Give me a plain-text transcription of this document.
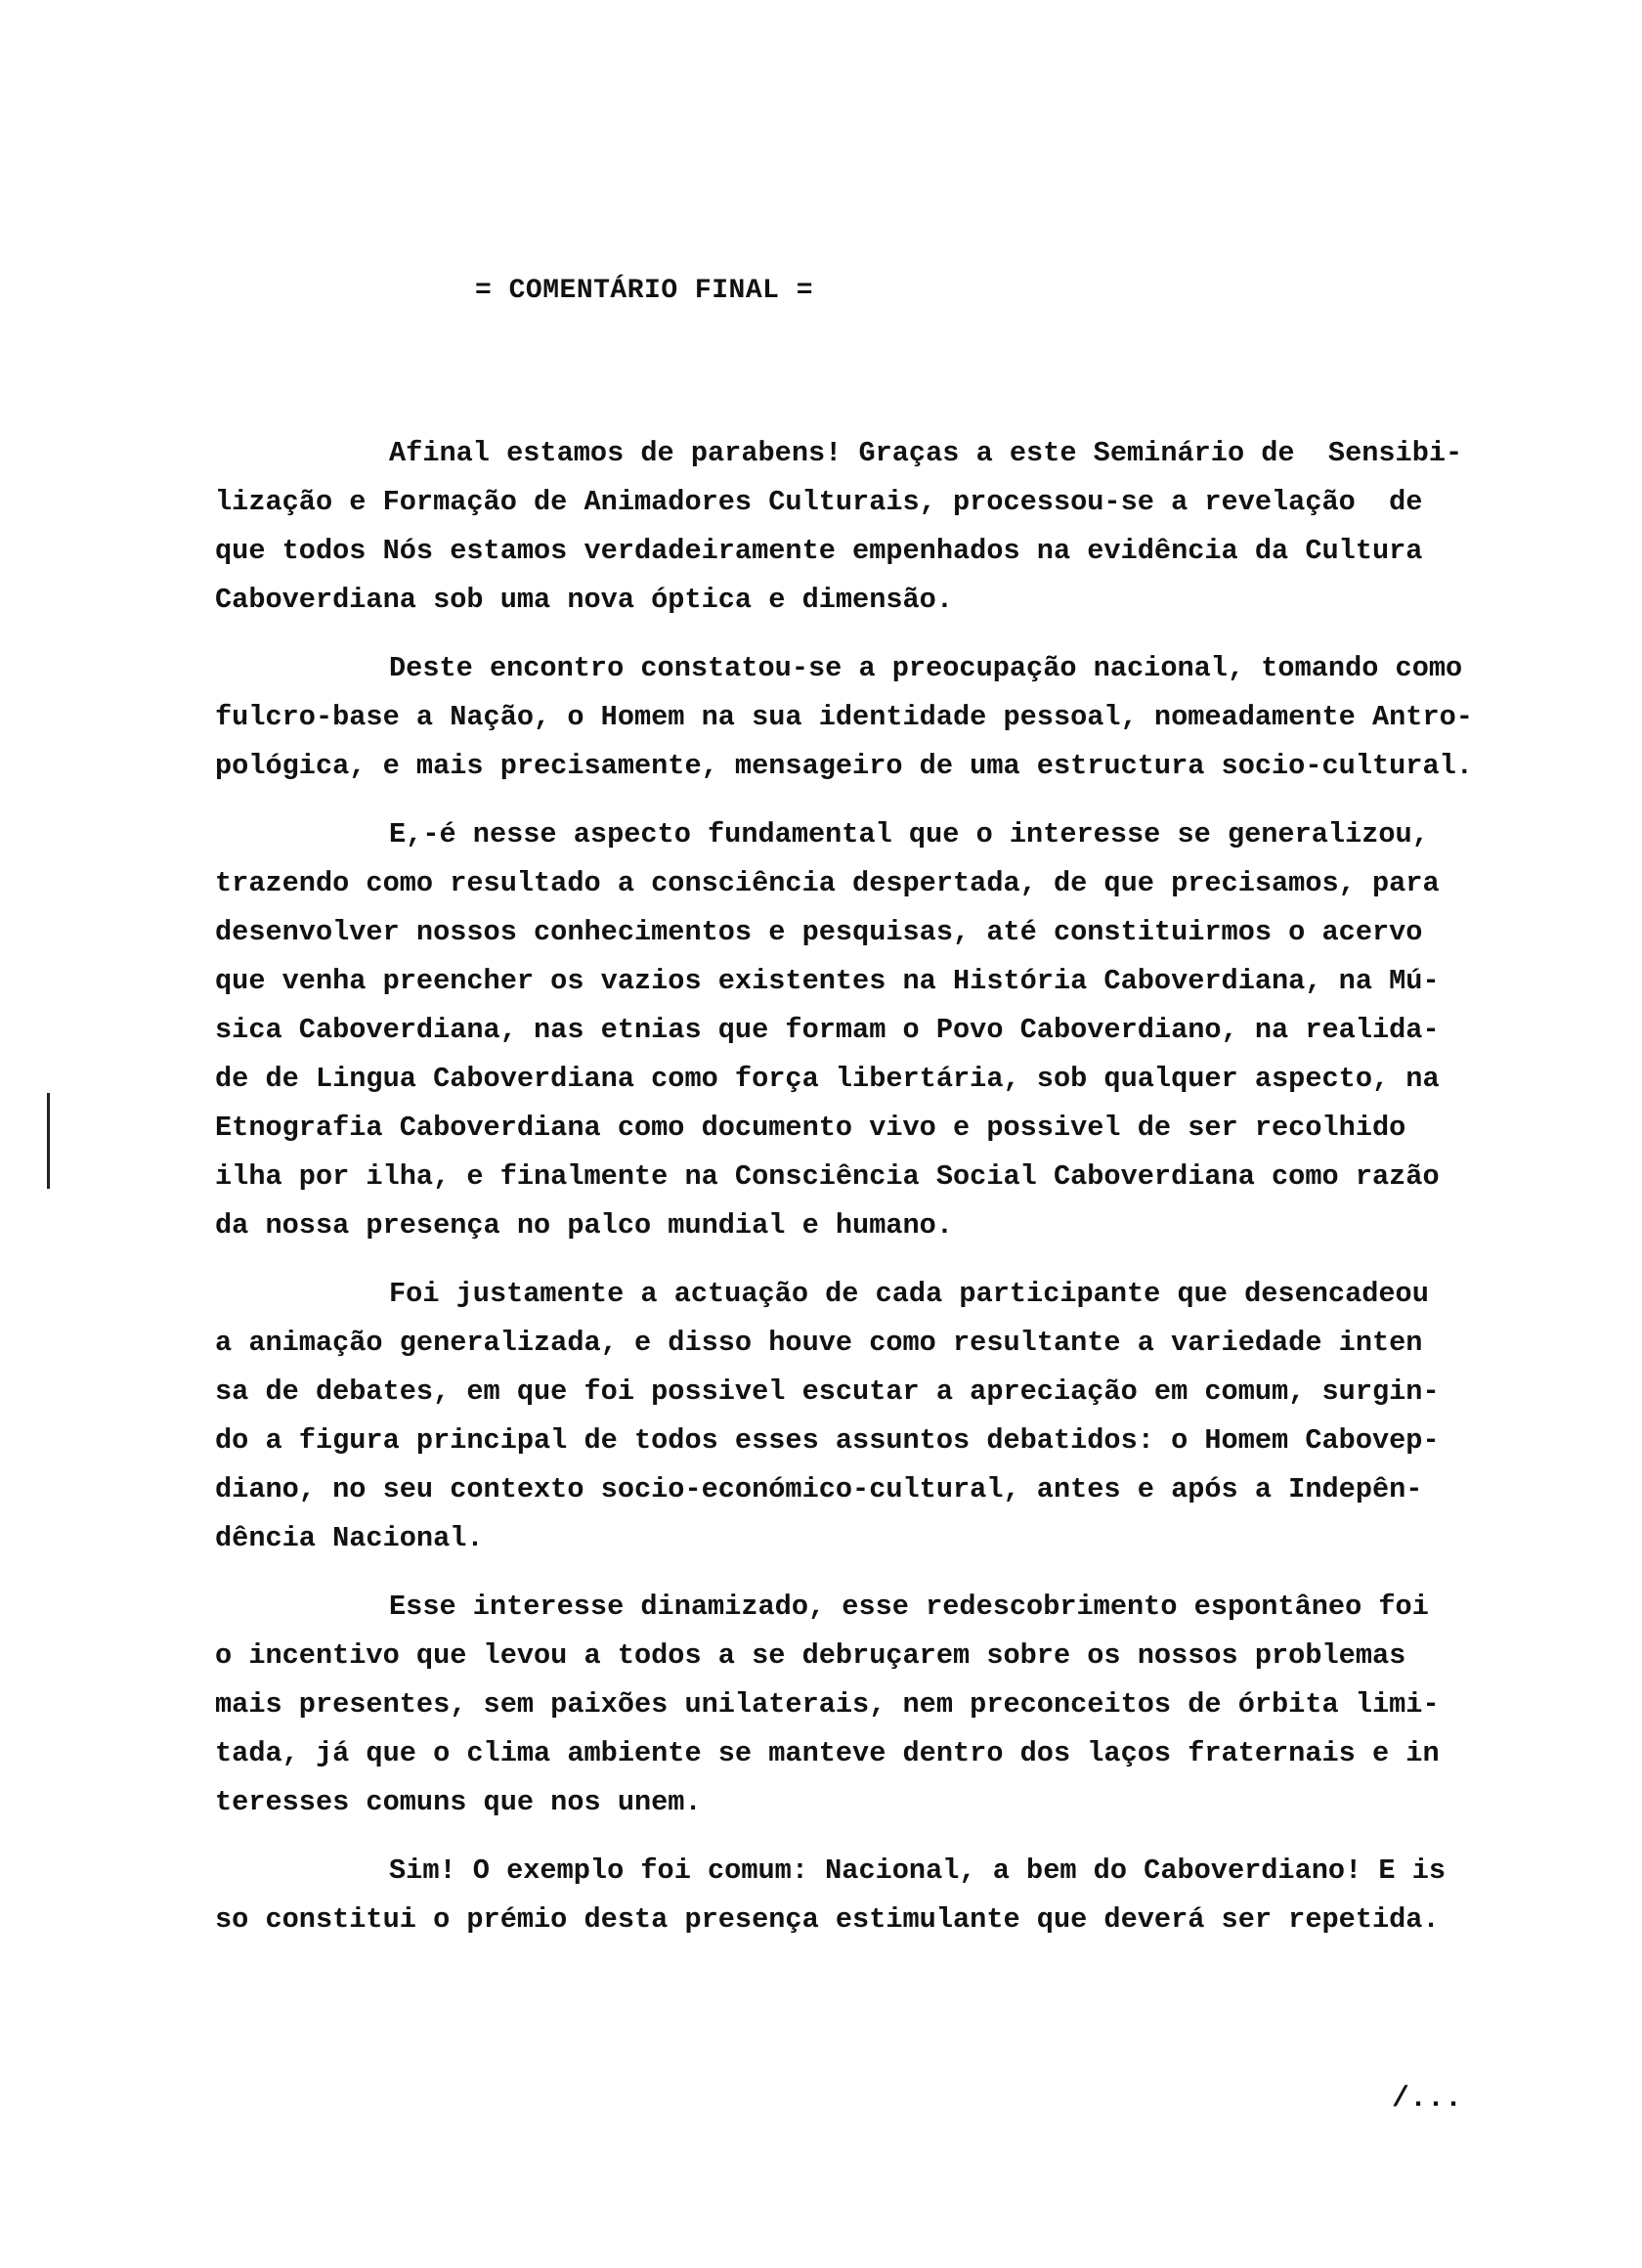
= COMENTÁRIO FINAL =
Afinal estamos de parabens! Graças a este Seminário de  Sensibi-
lização e Formação de Animadores Culturais, processou-se a revelação  de
que todos Nós estamos verdadeiramente empenhados na evidência da Cultura
Caboverdiana sob uma nova óptica e dimensão.
Deste encontro constatou-se a preocupação nacional, tomando como
fulcro-base a Nação, o Homem na sua identidade pessoal, nomeadamente Antro-
pológica, e mais precisamente, mensageiro de uma estructura socio-cultural.
E,-é nesse aspecto fundamental que o interesse se generalizou,
trazendo como resultado a consciência despertada, de que precisamos, para
desenvolver nossos conhecimentos e pesquisas, até constituirmos o acervo
que venha preencher os vazios existentes na História Caboverdiana, na Mú-
sica Caboverdiana, nas etnias que formam o Povo Caboverdiano, na realida-
de de Lingua Caboverdiana como força libertária, sob qualquer aspecto, na
Etnografia Caboverdiana como documento vivo e possivel de ser recolhido
ilha por ilha, e finalmente na Consciência Social Caboverdiana como razão
da nossa presença no palco mundial e humano.
Foi justamente a actuação de cada participante que desencadeou
a animação generalizada, e disso houve como resultante a variedade inten
sa de debates, em que foi possivel escutar a apreciação em comum, surgin-
do a figura principal de todos esses assuntos debatidos: o Homem Caboveр-
diano, no seu contexto socio-económico-cultural, antes e após a Indepên-
dência Nacional.
Esse interesse dinamizado, esse redescobrimento espontâneo foi
o incentivo que levou a todos a se debruçarem sobre os nossos problemas
mais presentes, sem paixões unilaterais, nem preconceitos de órbita limi-
tada, já que o clima ambiente se manteve dentro dos laços fraternais e in
teresses comuns que nos unem.
Sim! O exemplo foi comum: Nacional, a bem do Caboverdiano! E is
so constitui o prémio desta presença estimulante que deverá ser repetida.
/...
